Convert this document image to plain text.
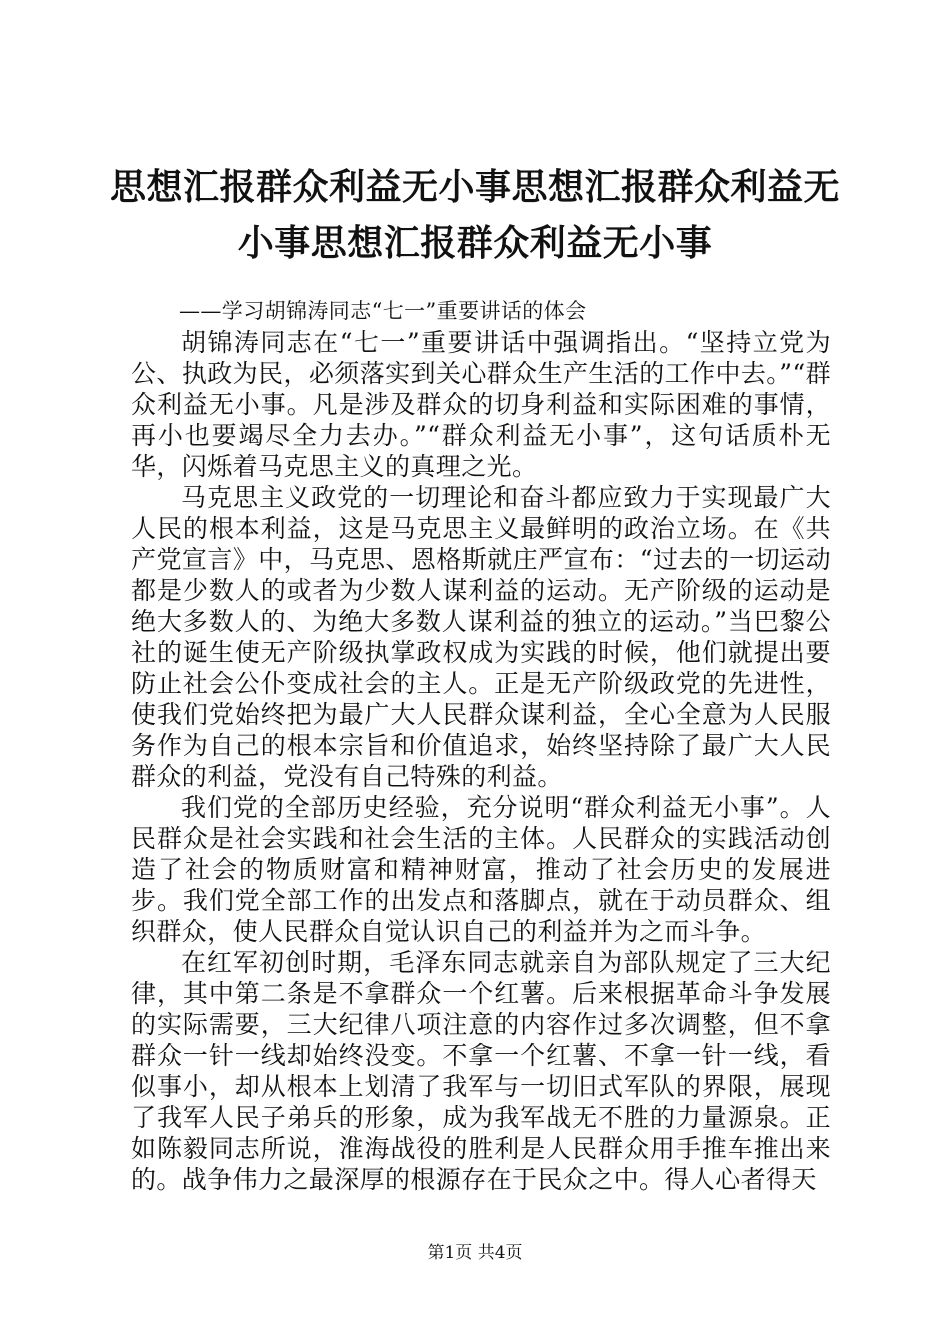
思想汇报群众利益无小事思想汇报群众利益无小事思想汇报群众利益无小事

——学习胡锦涛同志“七一”重要讲话的体会

胡锦涛同志在“七一”重要讲话中强调指出。“坚持立党为公、执政为民，必须落实到关心群众生产生活的工作中去。”“群众利益无小事。凡是涉及群众的切身利益和实际困难的事情，再小也要竭尽全力去办。”“群众利益无小事”，这句话质朴无华，闪烁着马克思主义的真理之光。

马克思主义政党的一切理论和奋斗都应致力于实现最广大人民的根本利益，这是马克思主义最鲜明的政治立场。在《共产党宣言》中，马克思、恩格斯就庄严宣布：“过去的一切运动都是少数人的或者为少数人谋利益的运动。无产阶级的运动是绝大多数人的、为绝大多数人谋利益的独立的运动。”当巴黎公社的诞生使无产阶级执掌政权成为实践的时候，他们就提出要防止社会公仆变成社会的主人。正是无产阶级政党的先进性，使我们党始终把为最广大人民群众谋利益，全心全意为人民服务作为自己的根本宗旨和价值追求，始终坚持除了最广大人民群众的利益，党没有自己特殊的利益。

我们党的全部历史经验，充分说明“群众利益无小事”。人民群众是社会实践和社会生活的主体。人民群众的实践活动创造了社会的物质财富和精神财富，推动了社会历史的发展进步。我们党全部工作的出发点和落脚点，就在于动员群众、组织群众，使人民群众自觉认识自己的利益并为之而斗争。

在红军初创时期，毛泽东同志就亲自为部队规定了三大纪律，其中第二条是不拿群众一个红薯。后来根据革命斗争发展的实际需要，三大纪律八项注意的内容作过多次调整，但不拿群众一针一线却始终没变。不拿一个红薯、不拿一针一线，看似事小，却从根本上划清了我军与一切旧式军队的界限，展现了我军人民子弟兵的形象，成为我军战无不胜的力量源泉。正如陈毅同志所说，淮海战役的胜利是人民群众用手推车推出来的。战争伟力之最深厚的根源存在于民众之中。得人心者得天

第1页 共4页
